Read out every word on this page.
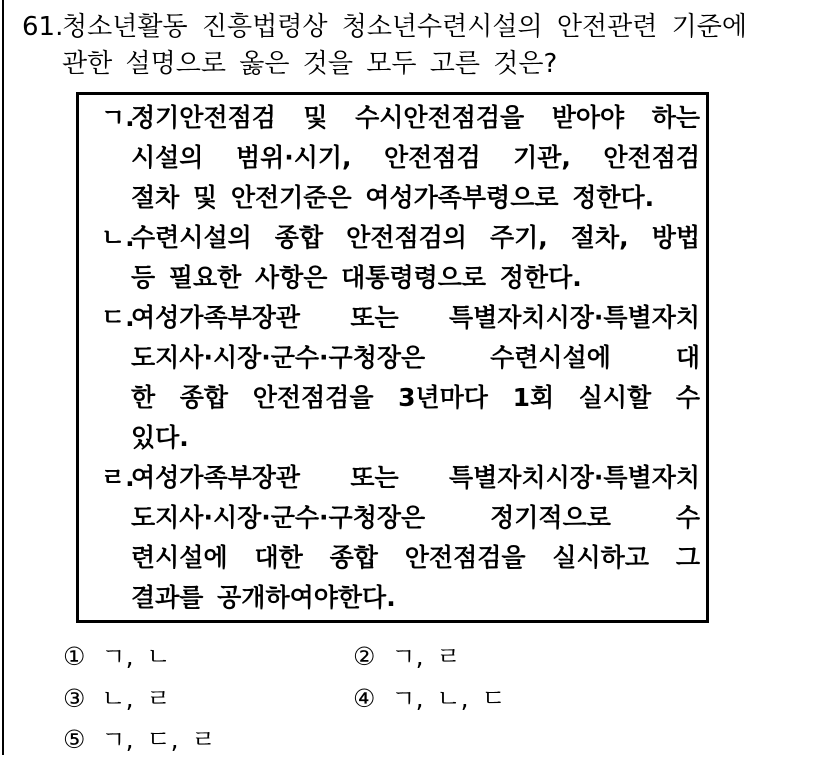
61.
청소년활동 진흥법령상 청소년수련시설의 안전관련 기준에
관한 설명으로 옳은 것을 모두 고른 것은?
ㄱ.
정기안전점검 및 수시안전점검을 받아야 하는
시설의 범위·시기, 안전점검 기관, 안전점검
절차 및 안전기준은 여성가족부령으로 정한다.
ㄴ.
수련시설의 종합 안전점검의 주기, 절차, 방법
등 필요한 사항은 대통령령으로 정한다.
ㄷ.
여성가족부장관 또는 특별자치시장·특별자치
도지사·시장·군수·구청장은 수련시설에 대
한 종합 안전점검을 3년마다 1회 실시할 수
있다.
ㄹ.
여성가족부장관 또는 특별자치시장·특별자치
도지사·시장·군수·구청장은 정기적으로 수
련시설에 대한 종합 안전점검을 실시하고 그
결과를 공개하여야한다.
① ㄱ, ㄴ	② ㄱ, ㄹ
③ ㄴ, ㄹ	④ ㄱ, ㄴ, ㄷ
⑤ ㄱ, ㄷ, ㄹ
